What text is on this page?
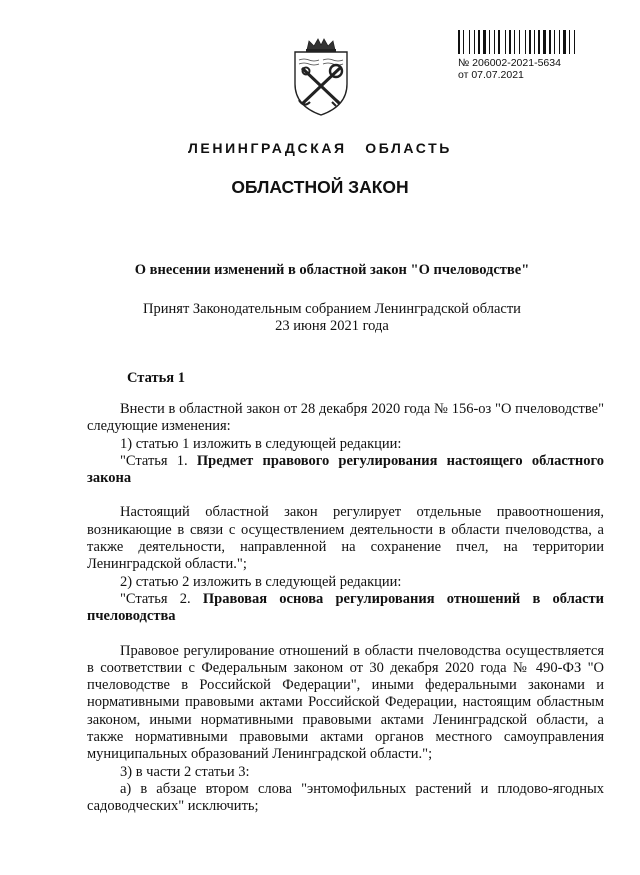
№ 206002-2021-5634
от 07.07.2021
ЛЕНИНГРАДСКАЯ ОБЛАСТЬ
ОБЛАСТНОЙ ЗАКОН
О внесении изменений в областной закон "О пчеловодстве"
Принят Законодательным собранием Ленинградской области
23 июня 2021 года
Статья 1

Внести в областной закон от 28 декабря 2020 года № 156-оз "О пчеловодстве" следующие изменения:

1) статью 1 изложить в следующей редакции:

"Статья 1. Предмет правового регулирования настоящего областного закона

Настоящий областной закон регулирует отдельные правоотношения, возникающие в связи с осуществлением деятельности в области пчеловодства, а также деятельности, направленной на сохранение пчел, на территории Ленинградской области.";

2) статью 2 изложить в следующей редакции:

"Статья 2. Правовая основа регулирования отношений в области пчеловодства

Правовое регулирование отношений в области пчеловодства осуществляется в соответствии с Федеральным законом от 30 декабря 2020 года № 490-ФЗ "О пчеловодстве в Российской Федерации", иными федеральными законами и нормативными правовыми актами Российской Федерации, настоящим областным законом, иными нормативными правовыми актами Ленинградской области, а также нормативными правовыми актами органов местного самоуправления муниципальных образований Ленинградской области.";

3) в части 2 статьи 3:

а) в абзаце втором слова "энтомофильных растений и плодово-ягодных садоводческих" исключить;
